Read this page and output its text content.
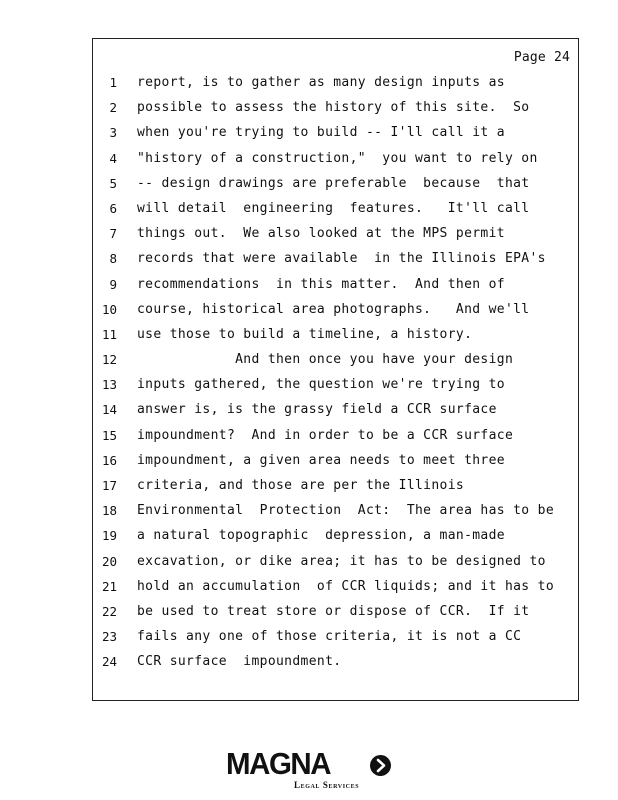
Page 24
1 report, is to gather as many design inputs as
2 possible to assess the history of this site.  So
3 when you're trying to build -- I'll call it a
4 "history of a construction,"  you want to rely on
5 -- design drawings are preferable  because  that
6 will detail  engineering  features.   It'll call
7 things out.  We also looked at the MPS permit
8 records that were available  in the Illinois EPA's
9 recommendations  in this matter.  And then of
10 course, historical area photographs.   And we'll
11 use those to build a timeline, a history.
12 And then once you have your design
13 inputs gathered, the question we're trying to
14 answer is, is the grassy field a CCR surface
15 impoundment?  And in order to be a CCR surface
16 impoundment, a given area needs to meet three
17 criteria, and those are per the Illinois
18 Environmental  Protection  Act:  The area has to be
19 a natural topographic  depression, a man-made
20 excavation, or dike area; it has to be designed to
21 hold an accumulation  of CCR liquids; and it has to
22 be used to treat store or dispose of CCR.  If it
23 fails any one of those criteria, it is not a CC
24 CCR surface  impoundment.
MAGNA
Legal Services
